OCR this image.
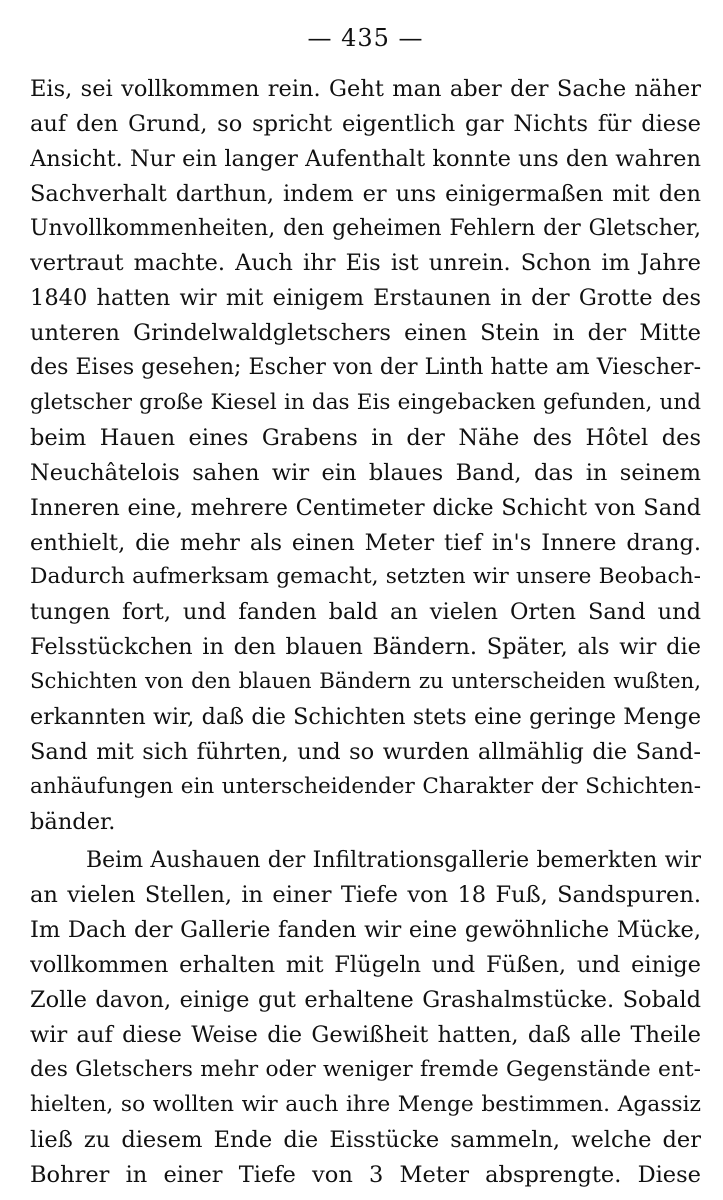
— 435 —
Eis, sei vollkommen rein. Geht man aber der Sache näher
auf den Grund, so spricht eigentlich gar Nichts für diese
Ansicht. Nur ein langer Aufenthalt konnte uns den wahren
Sachverhalt darthun, indem er uns einigermaßen mit den
Unvollkommenheiten, den geheimen Fehlern der Gletscher,
vertraut machte. Auch ihr Eis ist unrein. Schon im Jahre
1840 hatten wir mit einigem Erstaunen in der Grotte des
unteren Grindelwaldgletschers einen Stein in der Mitte
des Eises gesehen; Escher von der Linth hatte am Viescher-
gletscher große Kiesel in das Eis eingebacken gefunden, und
beim Hauen eines Grabens in der Nähe des Hôtel des
Neuchâtelois sahen wir ein blaues Band, das in seinem
Inneren eine, mehrere Centimeter dicke Schicht von Sand
enthielt, die mehr als einen Meter tief in's Innere drang.
Dadurch aufmerksam gemacht, setzten wir unsere Beobach-
tungen fort, und fanden bald an vielen Orten Sand und
Felsstückchen in den blauen Bändern. Später, als wir die
Schichten von den blauen Bändern zu unterscheiden wußten,
erkannten wir, daß die Schichten stets eine geringe Menge
Sand mit sich führten, und so wurden allmählig die Sand-
anhäufungen ein unterscheidender Charakter der Schichten-
bänder.
Beim Aushauen der Infiltrationsgallerie bemerkten wir
an vielen Stellen, in einer Tiefe von 18 Fuß, Sandspuren.
Im Dach der Gallerie fanden wir eine gewöhnliche Mücke,
vollkommen erhalten mit Flügeln und Füßen, und einige
Zolle davon, einige gut erhaltene Grashalmstücke. Sobald
wir auf diese Weise die Gewißheit hatten, daß alle Theile
des Gletschers mehr oder weniger fremde Gegenstände ent-
hielten, so wollten wir auch ihre Menge bestimmen. Agassiz
ließ zu diesem Ende die Eisstücke sammeln, welche der
Bohrer in einer Tiefe von 3 Meter absprengte. Diese
